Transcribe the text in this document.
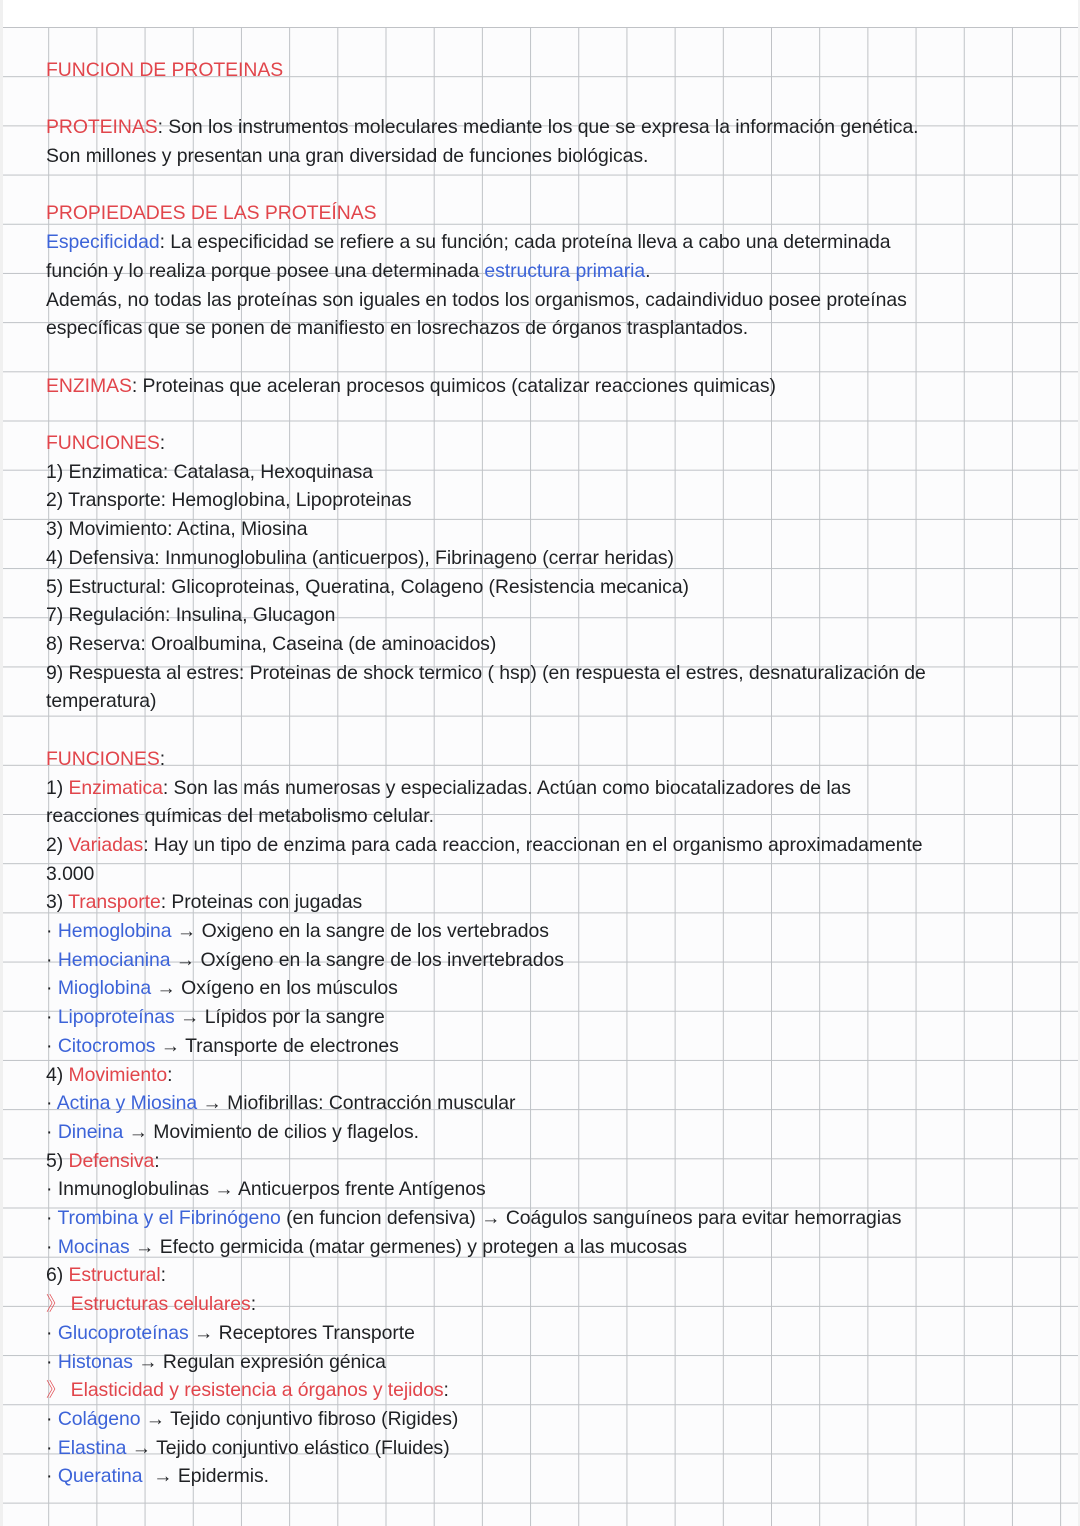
FUNCION DE PROTEINAS
PROTEINAS: Son los instrumentos moleculares mediante los que se expresa la información genética.
Son millones y presentan una gran diversidad de funciones biológicas.
PROPIEDADES DE LAS PROTEÍNAS
Especificidad: La especificidad se refiere a su función; cada proteína lleva a cabo una determinada
función y lo realiza porque posee una determinada estructura primaria.
Además, no todas las proteínas son iguales en todos los organismos, cadaindividuo posee proteínas
específicas que se ponen de manifiesto en losrechazos de órganos trasplantados.
ENZIMAS: Proteinas que aceleran procesos quimicos (catalizar reacciones quimicas)
FUNCIONES:
1) Enzimatica: Catalasa, Hexoquinasa
2) Transporte: Hemoglobina, Lipoproteinas
3) Movimiento: Actina, Miosina
4) Defensiva: Inmunoglobulina (anticuerpos), Fibrinageno (cerrar heridas)
5) Estructural: Glicoproteinas, Queratina, Colageno (Resistencia mecanica)
7) Regulación: Insulina, Glucagon
8) Reserva: Oroalbumina, Caseina (de aminoacidos)
9) Respuesta al estres: Proteinas de shock termico ( hsp) (en respuesta el estres, desnaturalización de
temperatura)
FUNCIONES:
1) Enzimatica: Son las más numerosas y especializadas. Actúan como biocatalizadores de las
reacciones químicas del metabolismo celular.
2) Variadas: Hay un tipo de enzima para cada reaccion, reaccionan en el organismo aproximadamente
3.000
3) Transporte: Proteinas con jugadas
· Hemoglobina → Oxigeno en la sangre de los vertebrados
· Hemocianina → Oxígeno en la sangre de los invertebrados
· Mioglobina → Oxígeno en los músculos
· Lipoproteínas → Lípidos por la sangre
· Citocromos → Transporte de electrones
4) Movimiento:
· Actina y Miosina → Miofibrillas: Contracción muscular
· Dineina → Movimiento de cilios y flagelos.
5) Defensiva:
· Inmunoglobulinas → Anticuerpos frente Antígenos
· Trombina y el Fibrinógeno (en funcion defensiva) → Coágulos sanguíneos para evitar hemorragias
· Mocinas → Efecto germicida (matar germenes) y protegen a las mucosas
6) Estructural:
》 Estructuras celulares:
· Glucoproteínas → Receptores Transporte
· Histonas → Regulan expresión génica
》 Elasticidad y resistencia a órganos y tejidos:
· Colágeno → Tejido conjuntivo fibroso (Rigides)
· Elastina → Tejido conjuntivo elástico (Fluides)
· Queratina  → Epidermis.
